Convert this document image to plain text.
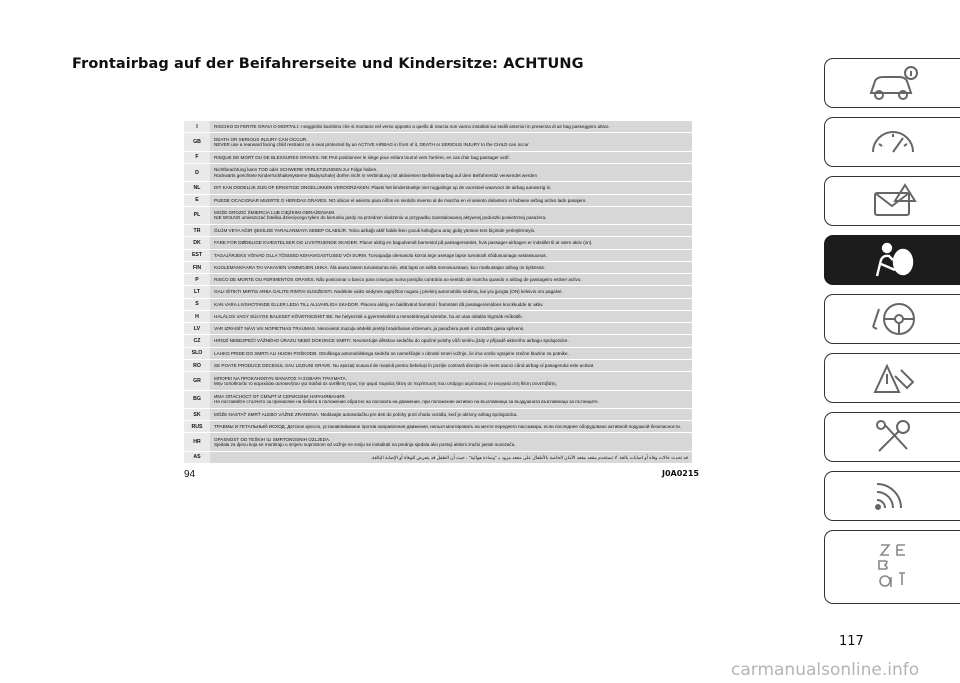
Frontairbag auf der Beifahrerseite und Kindersitze: ACHTUNG
I	RISCHIO DI FERITE GRAVI O MORTALI: I seggiolini bambino che si montano nel verso opposto a quello di marcia non vanno installati sui sedili anteriori in presenza di air bag passeggero attivo.
GB	DEATH OR SERIOUS INJURY CAN OCCUR.
NEVER use a rearward facing child restraint on a seat protected by an ACTIVE AIRBAG in front of it, DEATH or SERIOUS INJURY to the CHILD can occur
F	RISQUE DE MORT OU DE BLESSURES GRAVES. NE PAS positionner le siège pour enfant tourné vers l'arrière, en cas d'air bag passager actif.
D	Nichtbeachtung kann TOD oder SCHWERE VERLETZUNGEN zur Folge haben.
Rückwärts gerichtete Kinderrückhaltesysteme (Babyschale) dürfen nicht in Verbindung mit aktiviertem Beifahrerairbag auf dem Beifahrersitz verwendet werden
NL	DIT KAN DODELIJK ZIJN OF ERNSTIGE ONGELUKKEN VEROORZAKEN. Plaats het kinderstoeltje niet ruggelings op de voorstoel waarvoor de airbag aanwezig is.
E	PUEDE OCACIONAR MUERTE O HERIDAS GRAVES. NO ubicar el asiento para niños en sentido inverso al de marcha en el asiento delantero si hubiese airbag activo lado pasajero.
PL	MOŻE GROZIĆ ŚMIERCIA LUB CIĘŻKIMI OBRAŻENIAMI.
NIE WOLNO umieszczać fotelika dziecięcego tyłem do kierunku jazdy na przednim siedzeniu w przypadku zainstalowanej aktywnej poduszki powietrznej pasażera.
TR	ÖLÜM VEYA AĞIR ŞEKİLDE YARALANMAYA SEBEP OLABİLİR. Yolcu airbağı aktif halde iken çocuk koltuğunu araç gidiş yönüne ters biçimde yerleştirmeyin.
DK	FARE FOR DØDELIGE KVÆSTELSER OG LIVSTRUENDE SKADER. Placer aldrig en bagudvendt barnestol på passagersædet, hvis passager-airbagen er indstillet til at være aktiv (on).
EST	TAGAJÄRJEKS VÕIVAD OLLA TÕSISED KEHAVIGASTUSED VÕI SURM. Turvapadja olemasolu korral ärge asetage lapse turvatoolt sõidusuunaga vastassuunas.
FIN	KUOLEMANVAARA TAI VAKAVIEN VAMMOJEN UHKA. Älä aseta lasten turvaistuinta niin, että lapsi on selkä menosuuntaan, kun matkustajan airbag on kytkössä.
P	RISCO DE MORTE OU FERIMENTOS GRAVES. Não posicionar o banco para crianças numa posição contrária ao sentido de marcha quando o airbag de passageiro estiver activo.
LT	GALI IŠTIKTI MIRTIS ARBA GALITE RIMTAI SUSIŽEISTI. Nedėkite vaiko sėdynės atgręžtos nugara į priekinį automobilio sėdimą, kai yra įjungta (ON) keleivio oro pagalvė.
S	KAN VARA LIVSHOTANDE ELLER LEDA TILL ALLVARLIGA SKADOR. Placera aldrig en bakåtvänd barnstol i framsätet då passagerarsidans krockkudde är aktiv.
H	HALÁLOS VAGY SÚLYOS BALESET KÖVETKEZHET BE. Ne helyezzük a gyermekülést a menetiránnyal szembe, ha az utas oldalán légzsák működik.
LV	VAR IZRAISĪT NĀVI VAI NOPIETNAS TRAUMAS. Nenovietot mazuļa sēdekli pretēji braukšanas virzienam, ja pasažiera pusē ir uzstādīts gaisa spilvens.
CZ	HROZÍ NEBEZPEČÍ VÁŽNÉHO ÚRAZU NEBO DOKONCE SMRTI. Neumisťujte dětskou sedačku do opačné polohy vůči směru jízdy v případě aktivního airbagu spolujezdce.
SLO	LAHKO PRIDE DO SMRTI ALI HUDIH POŠKODB. Otroškega avtomobilskega sedeža ne nameščajte v obratni smeri vožnje, če ima vozilo vgrajene zračne blazine za potnike.
RO	SE POATE PRODUCE DECESUL SAU LEZIUNI GRAVE. Nu așezați scaunul de mașină pentru bebeluși în poziție contrară direcției de mers atunci când airbag-ul pasagerului este activat.
GR	ΜΠΟΡΕΙ ΝΑ ΠΡΟΚΛΗΘΟΥΝ ΘΑΝΑΤΟΣ Ή ΣΟΒΑΡΑ ΤΡΑΥΜΑΤΑ.
Μην τοποθετείτε το καρεκλάκι αυτοκινήτου για παιδιά σε αντίθετη προς την φορά πορείας θέση σε περίπτωση που υπάρχει αερόσακος εν ενεργεία στη θέση συνεπιβάτη.
BG	ИМА ОПАСНОСТ ОТ СМЪРТ И СЕРИОЗНИ НАРАНЯВАНИЯ.
Не поставяйте столчето за пренасяне на бебета в положение обратно на посоката на движение, при положение активно на възглавница за въздушната възглавница за пътниците.
SK	MÔŽE NASTAŤ SMRŤ ALEBO VÁŽNE ZRANENIA. Nedávajte autosedačku pre deti do polohy proti chodu vozidla, keď je aktívny airbag spolujazdca.
RUS	ТРАВМЫ И ГЕТАЛЬНЫЙ ИСХОД. Детское кресло, устанавливаемое против направления движения, нельзя монтировать на месте переднего пассажира, если последнее оборудовано активной подушкой безопасности.
HR	OPASNOST OD TEŠKIH ILI SMRTONOSNIH OZLJEDA.
Sjedala za djecu koja se montiraju u smjeru suprotnom od vožnje ne smiju se instalirati na prednja sjedala ako postoji aktivni zračni jastuk suvozača.
AS	قد تحدث حالات وفاة أو اصابات بالغة. لا تستخدم مقعد مقعد الأمان الخاصة بالأطفال على مقعد مزود بـ "وسادة هوائية" ، حيث أن الطفل قد يتعرض للوفاة أو الإصابة البالغة.
94	J0A0215
117
carmanualsonline.info
